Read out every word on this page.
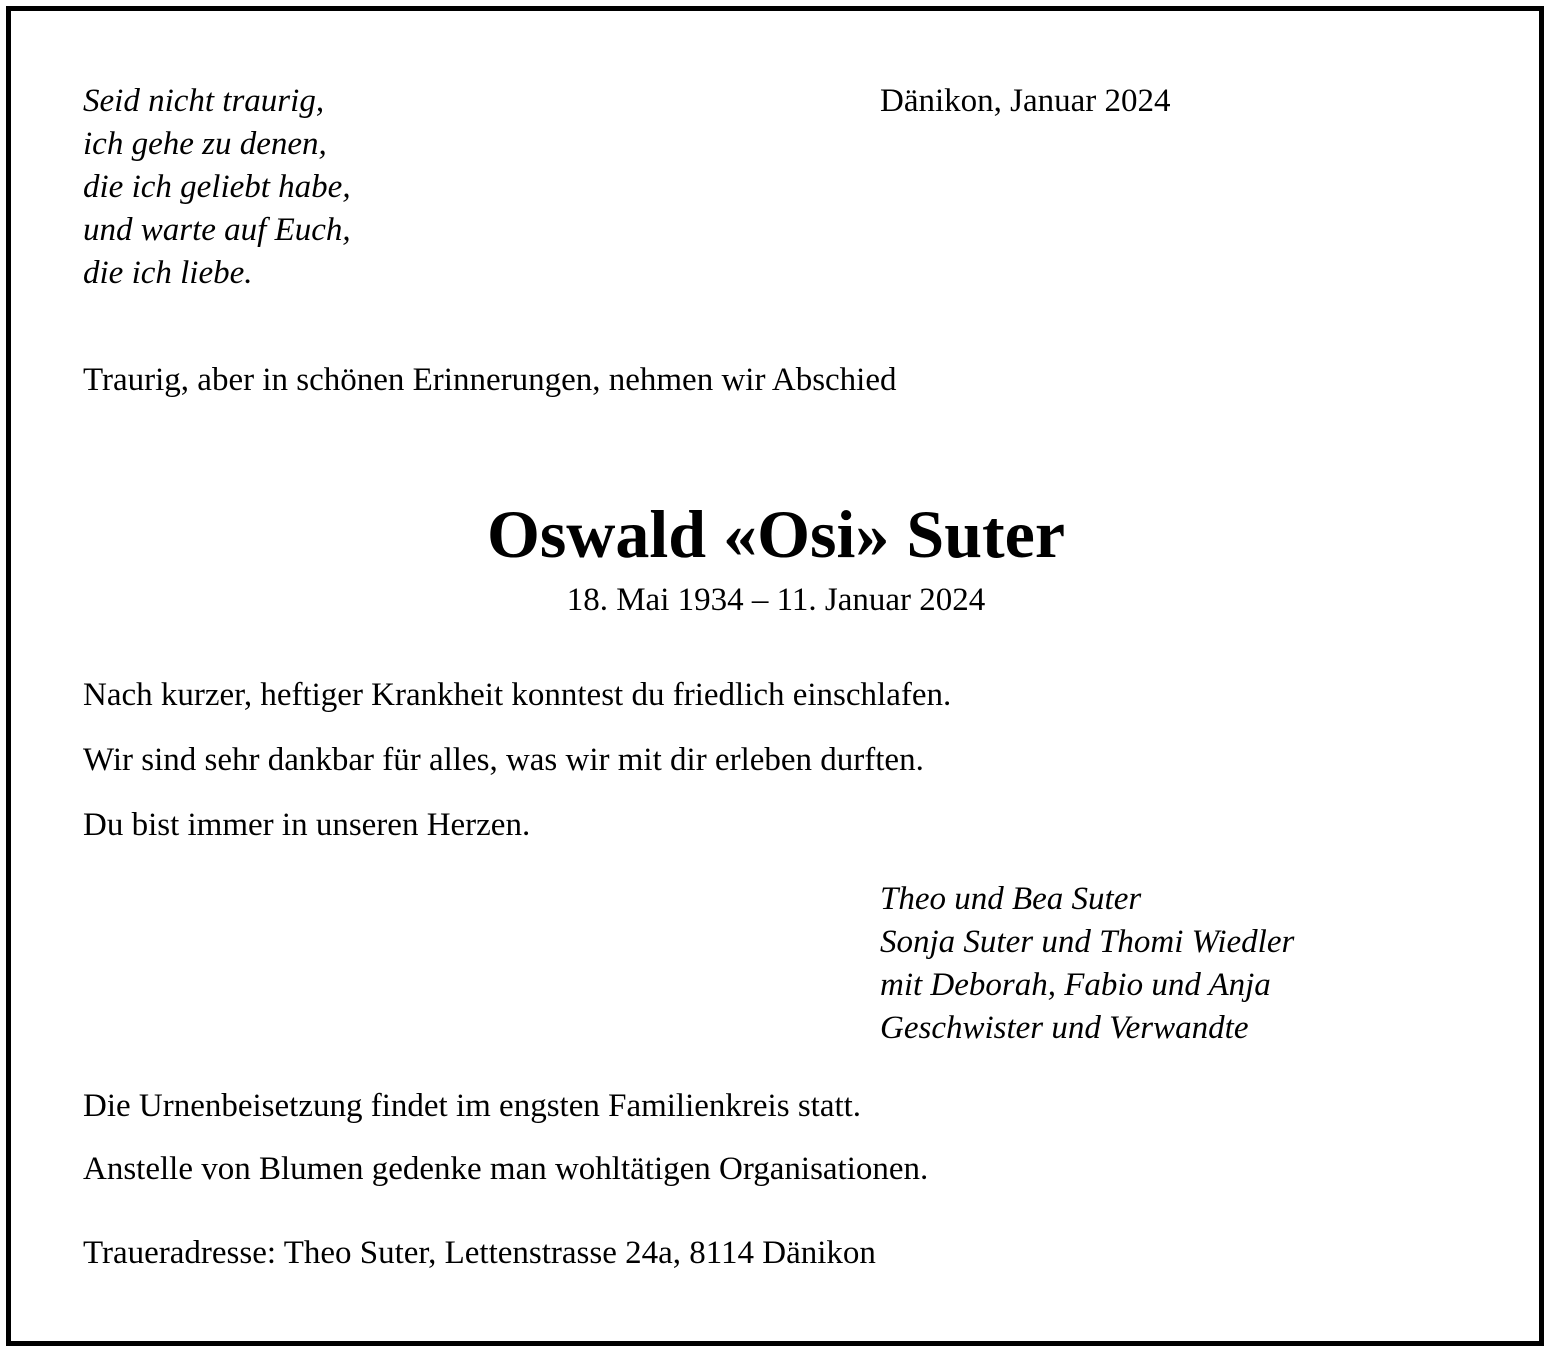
Seid nicht traurig,
ich gehe zu denen,
die ich geliebt habe,
und warte auf Euch,
die ich liebe.
Dänikon, Januar 2024
Traurig, aber in schönen Erinnerungen, nehmen wir Abschied
Oswald «Osi» Suter
18. Mai 1934 – 11. Januar 2024
Nach kurzer, heftiger Krankheit konntest du friedlich einschlafen.
Wir sind sehr dankbar für alles, was wir mit dir erleben durften.
Du bist immer in unseren Herzen.
Theo und Bea Suter
Sonja Suter und Thomi Wiedler
mit Deborah, Fabio und Anja
Geschwister und Verwandte
Die Urnenbeisetzung findet im engsten Familienkreis statt.
Anstelle von Blumen gedenke man wohltätigen Organisationen.
Traueradresse: Theo Suter, Lettenstrasse 24a, 8114 Dänikon
